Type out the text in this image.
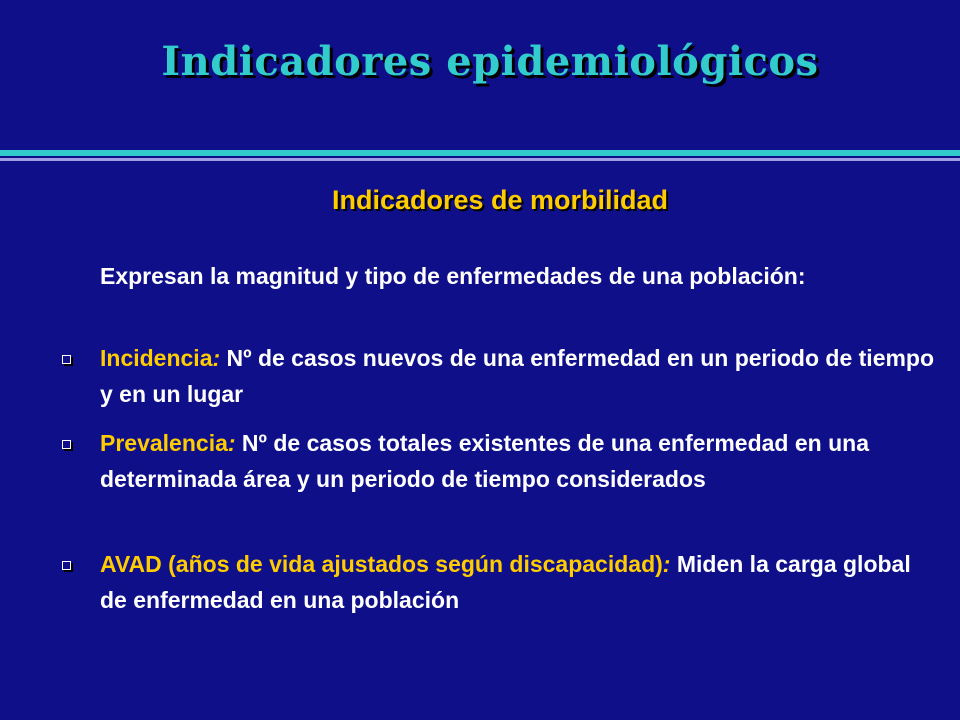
Indicadores epidemiológicos
Indicadores de morbilidad
Expresan la magnitud y tipo de enfermedades de una población:
Incidencia: Nº de casos nuevos de una enfermedad en un periodo de tiempo y en un lugar
Prevalencia: Nº de casos totales existentes de una enfermedad en una determinada área y un periodo de tiempo considerados
AVAD (años de vida ajustados según discapacidad): Miden la carga global de enfermedad en una población
